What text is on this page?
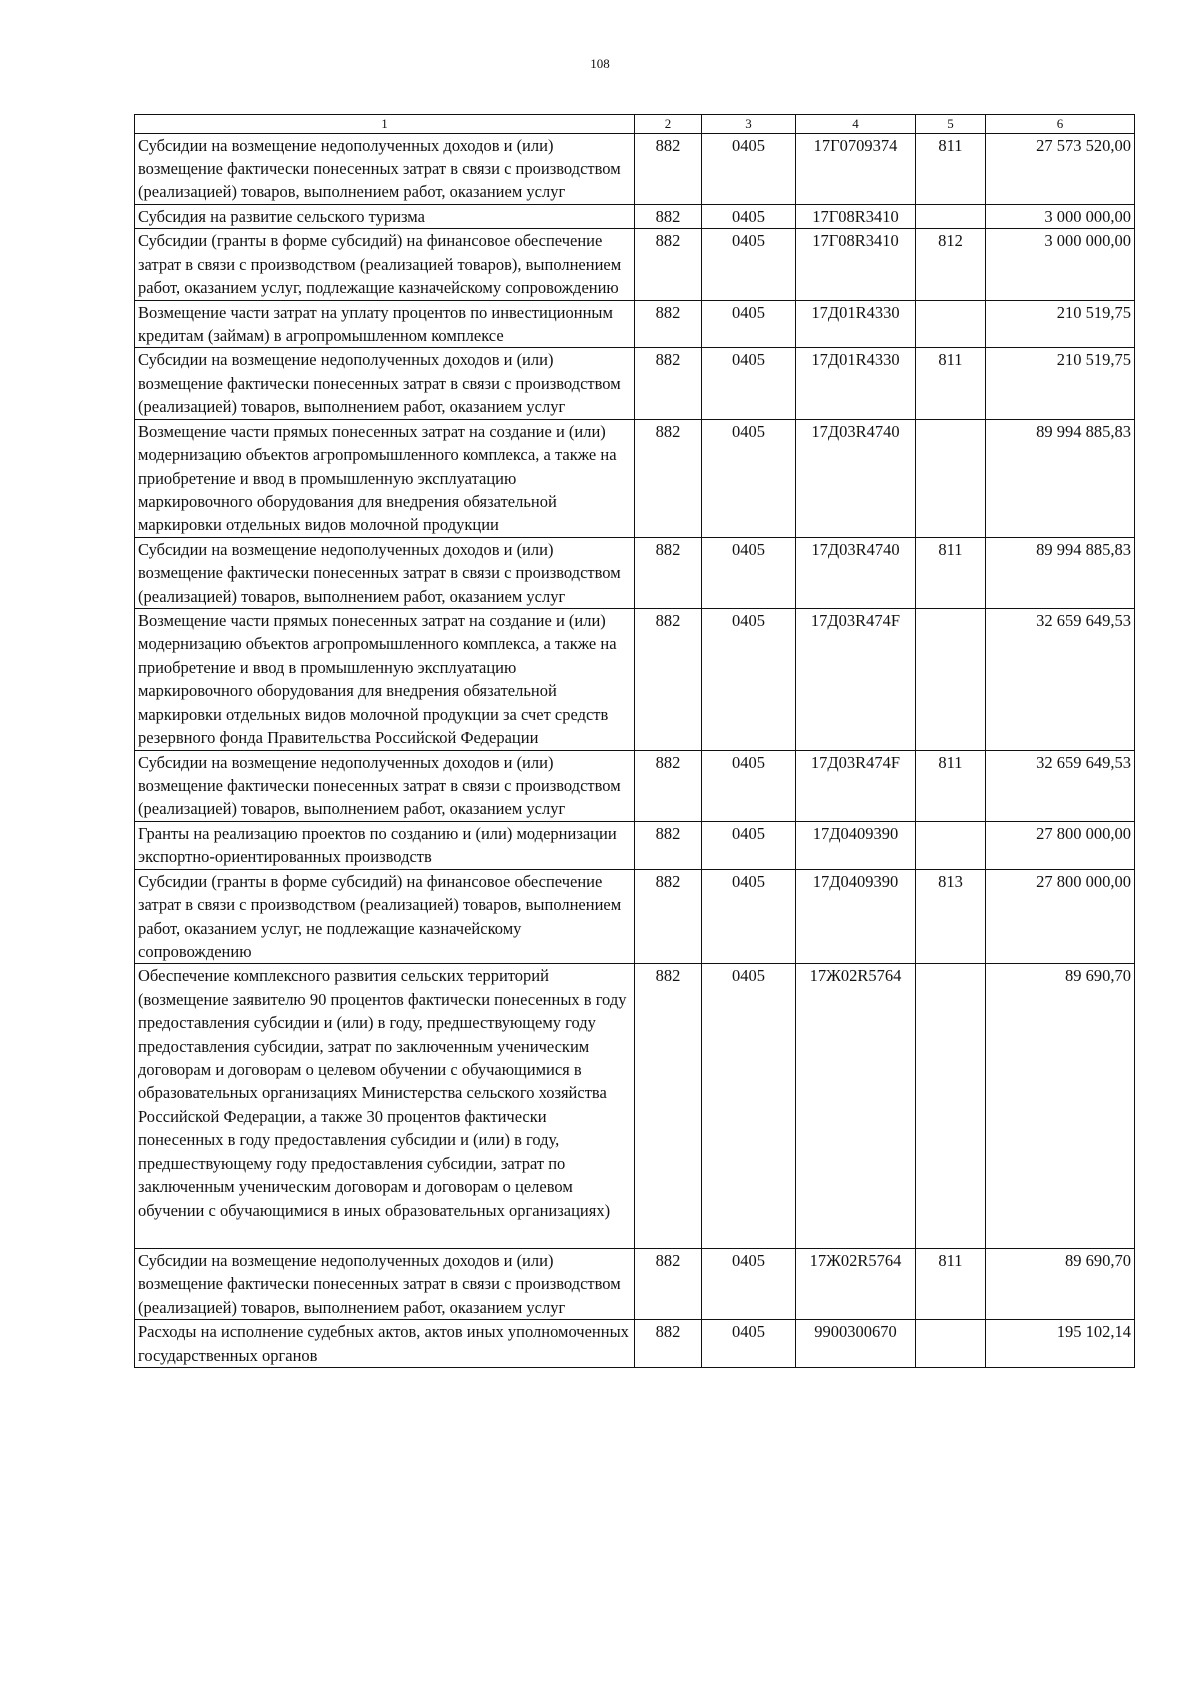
108
1	2	3	4	5	6
Субсидии на возмещение недополученных доходов и (или) возмещение фактически понесенных затрат в связи с производством (реализацией) товаров, выполнением работ, оказанием услуг	882	0405	17Г0709374	811	27 573 520,00
Субсидия на развитие сельского туризма	882	0405	17Г08R3410		3 000 000,00
Субсидии (гранты в форме субсидий) на финансовое обеспечение затрат в связи с производством (реализацией товаров), выполнением работ, оказанием услуг, подлежащие казначейскому сопровождению	882	0405	17Г08R3410	812	3 000 000,00
Возмещение части затрат на уплату процентов по инвестиционным кредитам (займам) в агропромышленном комплексе	882	0405	17Д01R4330		210 519,75
Субсидии на возмещение недополученных доходов и (или) возмещение фактически понесенных затрат в связи с производством (реализацией) товаров, выполнением работ, оказанием услуг	882	0405	17Д01R4330	811	210 519,75
Возмещение части прямых понесенных затрат на создание и (или) модернизацию объектов агропромышленного комплекса, а также на приобретение и ввод в промышленную эксплуатацию маркировочного оборудования для внедрения обязательной маркировки отдельных видов молочной продукции	882	0405	17Д03R4740		89 994 885,83
Субсидии на возмещение недополученных доходов и (или) возмещение фактически понесенных затрат в связи с производством (реализацией) товаров, выполнением работ, оказанием услуг	882	0405	17Д03R4740	811	89 994 885,83
Возмещение части прямых понесенных затрат на создание и (или) модернизацию объектов агропромышленного комплекса, а также на приобретение и ввод в промышленную эксплуатацию маркировочного оборудования для внедрения обязательной маркировки отдельных видов молочной продукции за счет средств резервного фонда Правительства Российской Федерации	882	0405	17Д03R474F		32 659 649,53
Субсидии на возмещение недополученных доходов и (или) возмещение фактически понесенных затрат в связи с производством (реализацией) товаров, выполнением работ, оказанием услуг	882	0405	17Д03R474F	811	32 659 649,53
Гранты на реализацию проектов по созданию и (или) модернизации экспортно-ориентированных производств	882	0405	17Д0409390		27 800 000,00
Субсидии (гранты в форме субсидий) на финансовое обеспечение затрат в связи с производством (реализацией) товаров, выполнением работ, оказанием услуг, не подлежащие казначейскому сопровождению	882	0405	17Д0409390	813	27 800 000,00
Обеспечение комплексного развития сельских территорий (возмещение заявителю 90 процентов фактически понесенных в году предоставления субсидии и (или) в году, предшествующему году предоставления субсидии, затрат по заключенным ученическим договорам и договорам о целевом обучении с обучающимися в образовательных организациях Министерства сельского хозяйства Российской Федерации, а также 30 процентов фактически понесенных в году предоставления субсидии и (или) в году, предшествующему году предоставления субсидии, затрат по заключенным ученическим договорам и договорам о целевом обучении с обучающимися в иных образовательных организациях)	882	0405	17Ж02R5764		89 690,70
Субсидии на возмещение недополученных доходов и (или) возмещение фактически понесенных затрат в связи с производством (реализацией) товаров, выполнением работ, оказанием услуг	882	0405	17Ж02R5764	811	89 690,70
Расходы на исполнение судебных актов, актов иных уполномоченных государственных органов	882	0405	9900300670		195 102,14
